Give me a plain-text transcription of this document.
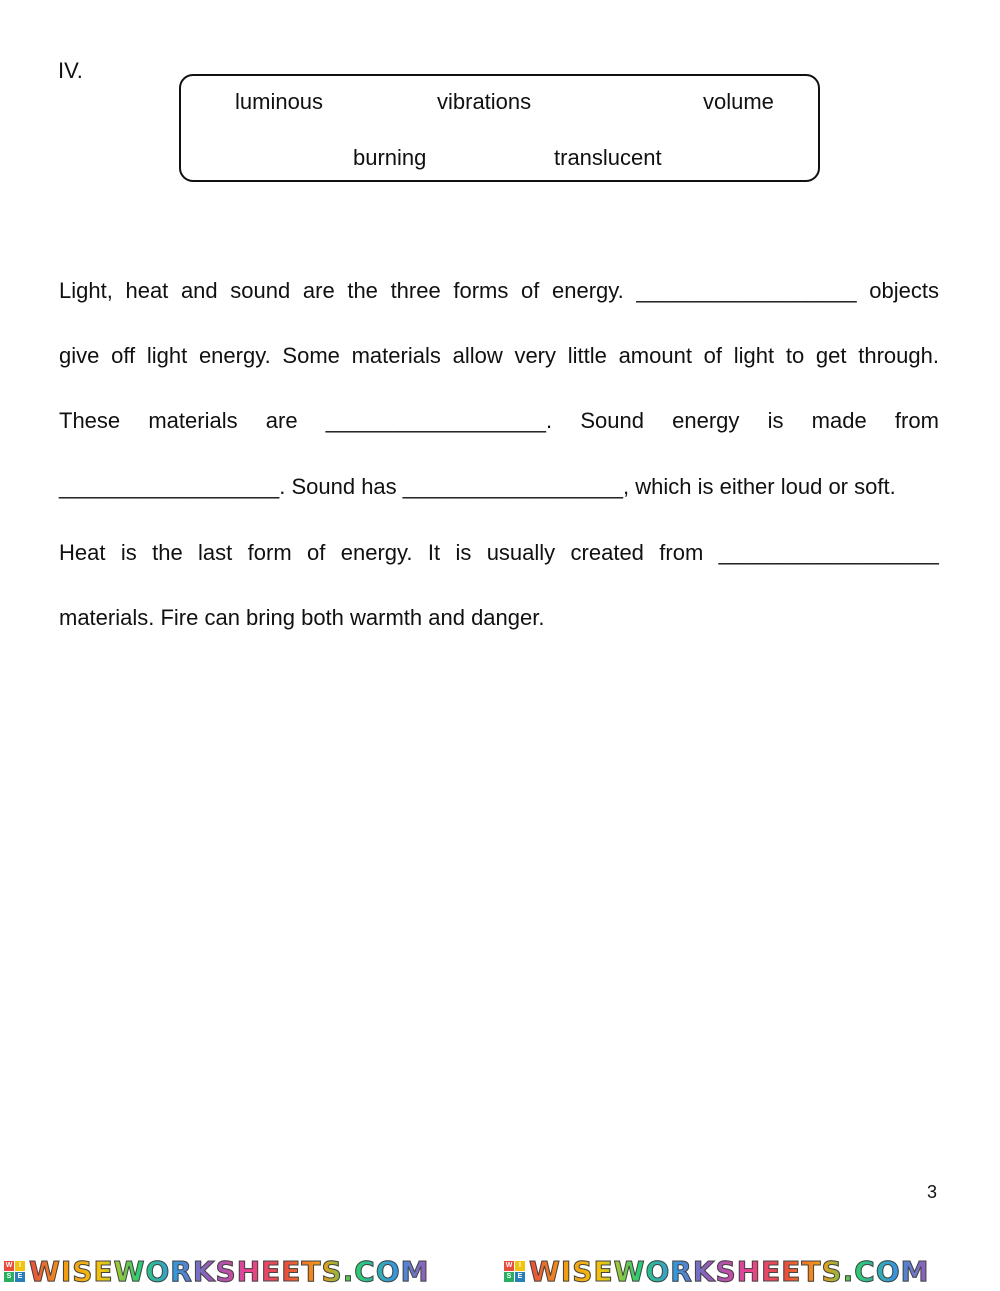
IV.
luminous	vibrations	volume
burning	translucent
Light, heat and sound are the three forms of energy. __________________ objects
give off light energy. Some materials allow very little amount of light to get through.
These materials are __________________. Sound energy is made from
__________________. Sound has __________________, which is either loud or soft.
Heat is the last form of energy. It is usually created from __________________
materials. Fire can bring both warmth and danger.
3
W I
S E WISEWORKSHEETS.COM	W I
S E WISEWORKSHEETS.COM
